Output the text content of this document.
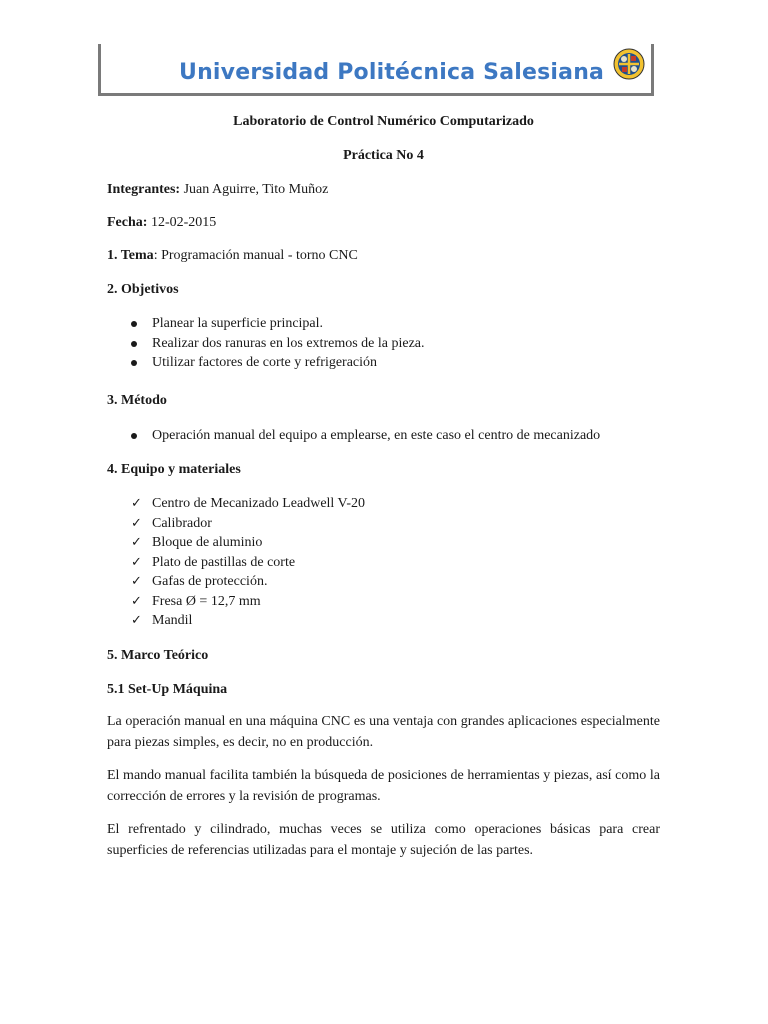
Universidad Politécnica Salesiana

Laboratorio de Control Numérico Computarizado

Práctica No 4

Integrantes: Juan Aguirre, Tito Muñoz

Fecha: 12-02-2015

1. Tema: Programación manual - torno CNC

2. Objetivos

Planear la superficie principal.
Realizar dos ranuras en los extremos de la pieza.
Utilizar factores de corte y refrigeración

3. Método

Operación manual del equipo a emplearse, en este caso el centro de mecanizado

4. Equipo y materiales

✓ Centro de Mecanizado Leadwell V-20
✓ Calibrador
✓ Bloque de aluminio
✓ Plato de pastillas de corte
✓ Gafas de protección.
✓ Fresa Ø = 12,7 mm
✓ Mandil

5. Marco Teórico

5.1 Set-Up Máquina

La operación manual en una máquina CNC es una ventaja con grandes aplicaciones especialmente para piezas simples, es decir, no en producción.

El mando manual facilita también la búsqueda de posiciones de herramientas y piezas, así como la corrección de errores y la revisión de programas.

El refrentado y cilindrado, muchas veces se utiliza como operaciones básicas para crear superficies de referencias utilizadas para el montaje y sujeción de las partes.
